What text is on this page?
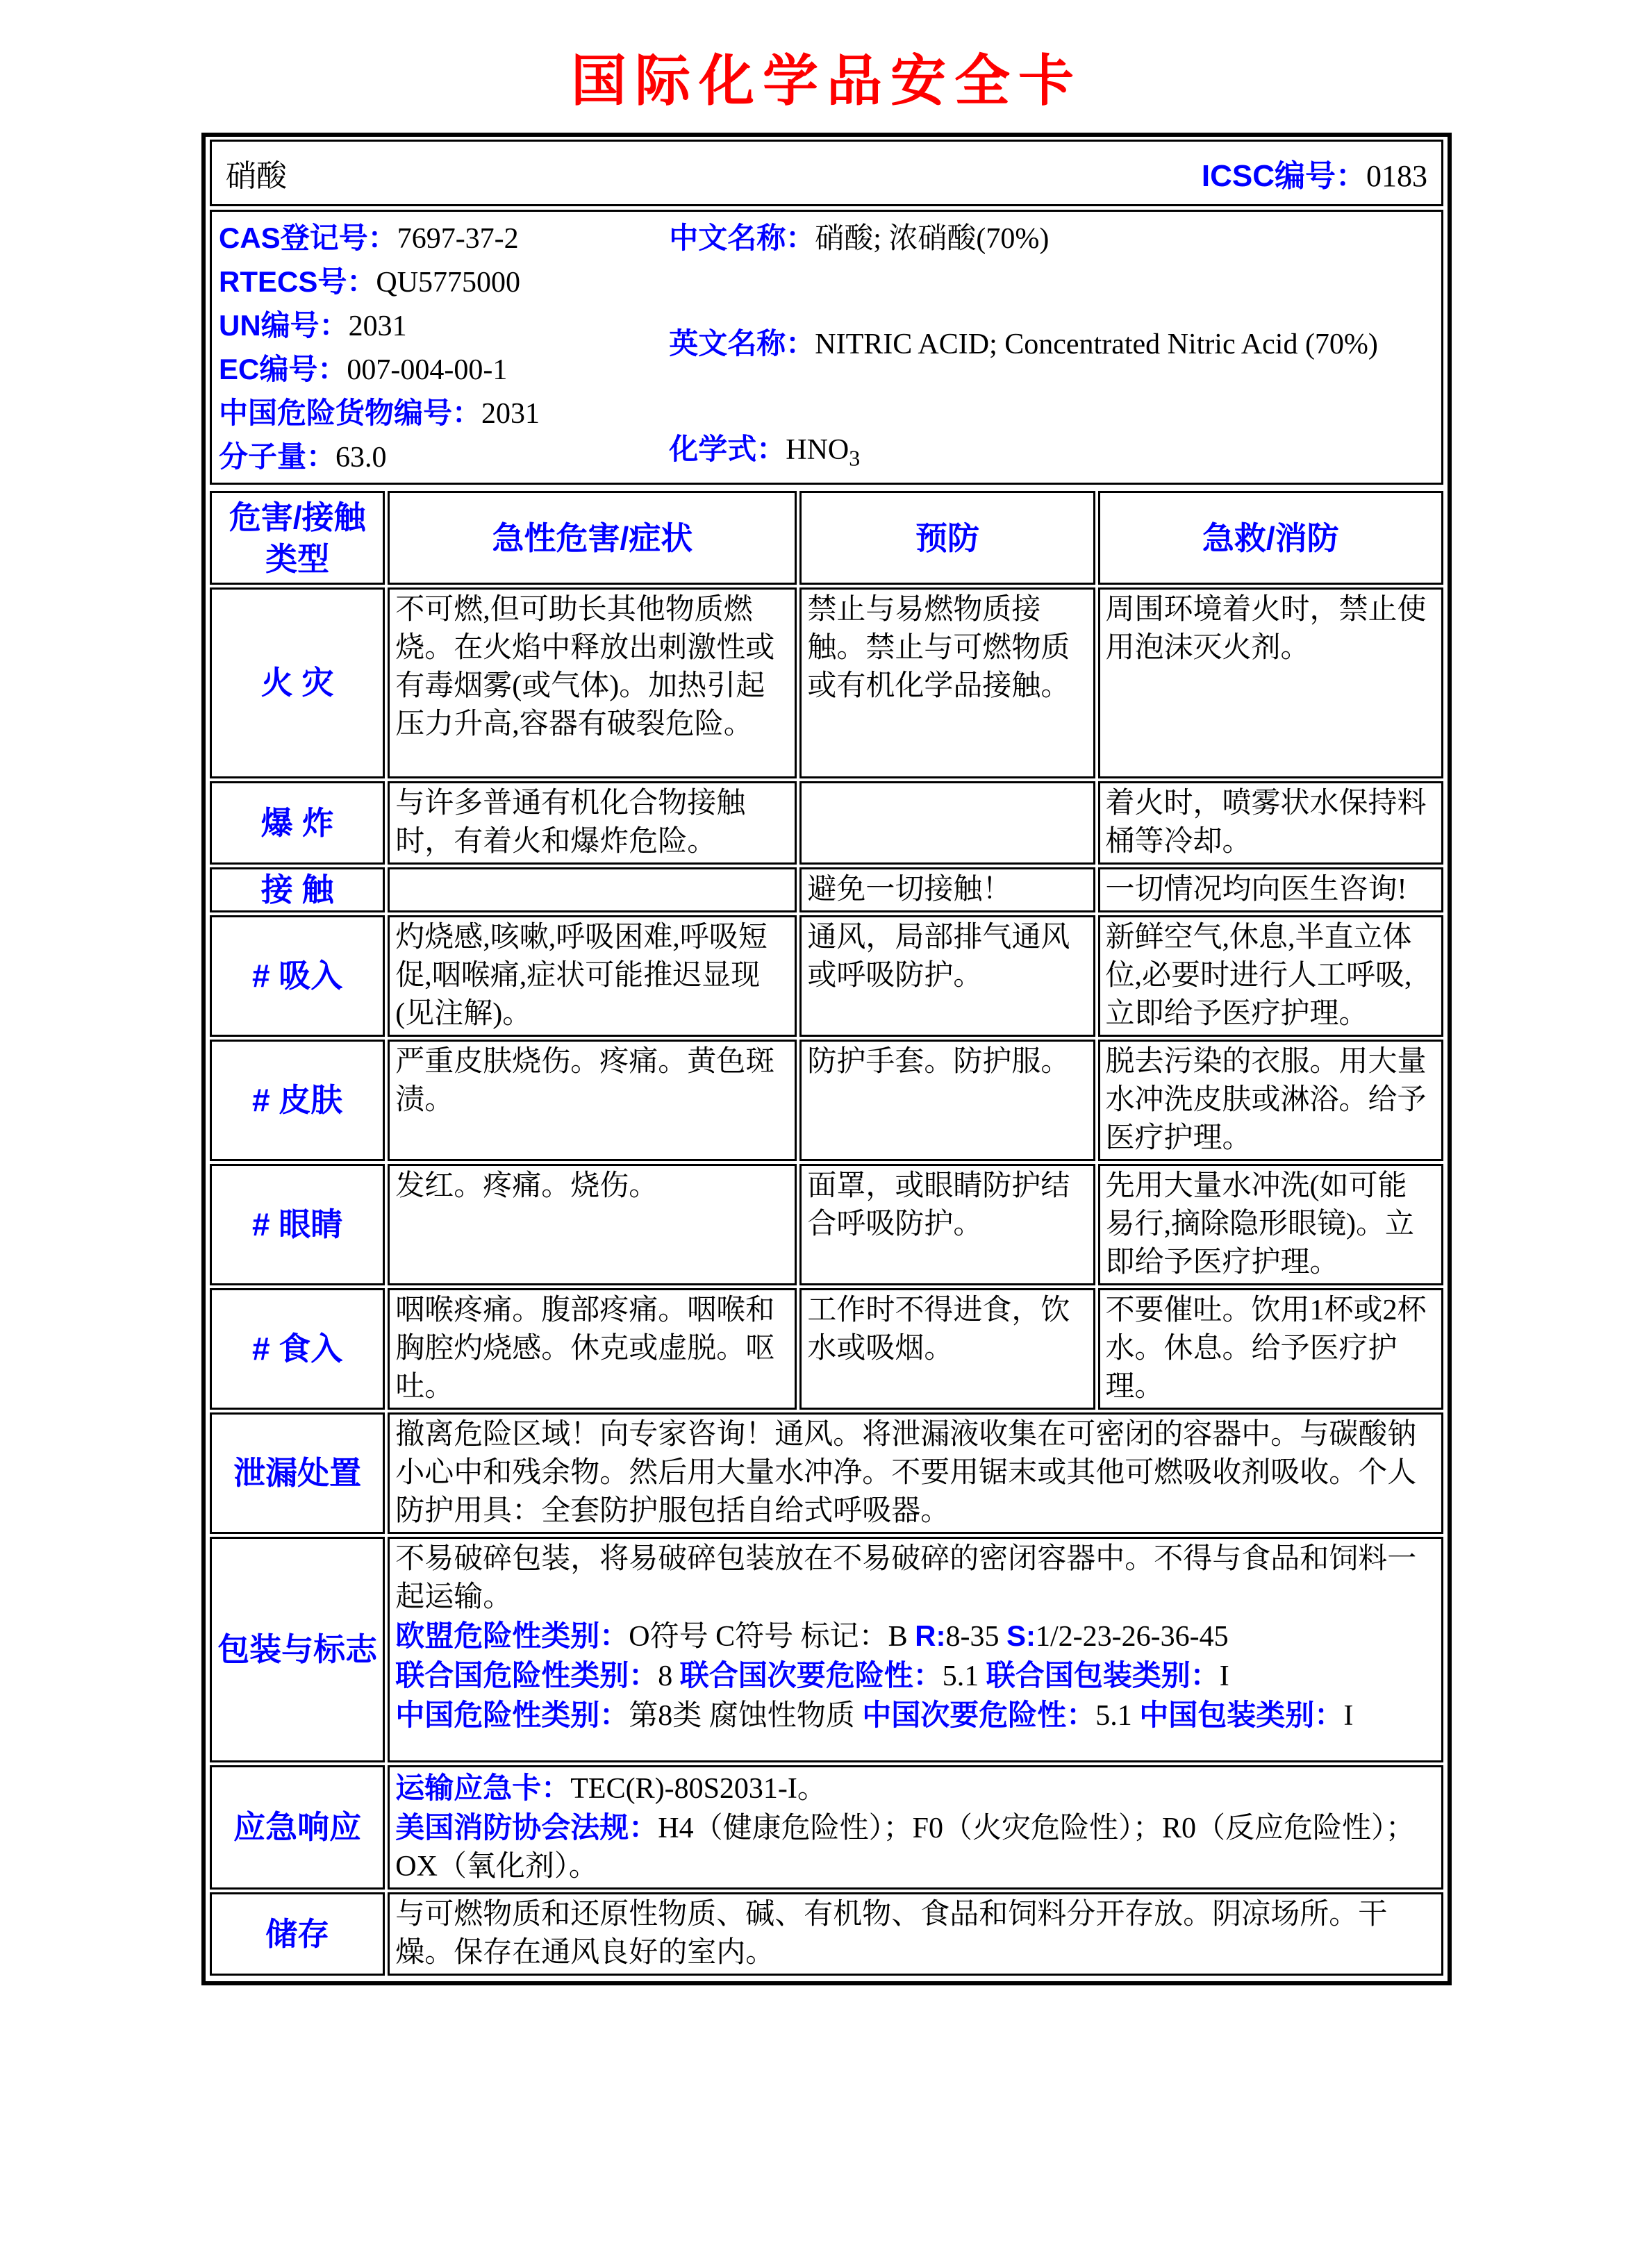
国际化学品安全卡
硝酸	ICSC编号：0183
CAS登记号：7697-37-2
RTECS号：QU5775000
UN编号：2031
EC编号：007-004-00-1
中国危险货物编号：2031
分子量：63.0
中文名称：硝酸; 浓硝酸(70%)
英文名称：NITRIC ACID; Concentrated Nitric Acid (70%)
化学式：$HNO_3$
危害/接触
类型	急性危害/症状	预防	急救/消防
火 灾	不可燃,但可助长其他物质燃烧。在火焰中释放出刺激性或有毒烟雾(或气体)。加热引起压力升高,容器有破裂危险。	禁止与易燃物质接触。禁止与可燃物质或有机化学品接触。	周围环境着火时，禁止使用泡沫灭火剂。
爆 炸	与许多普通有机化合物接触时，有着火和爆炸危险。		着火时，喷雾状水保持料桶等冷却。
接 触		避免一切接触！	一切情况均向医生咨询!
# 吸入	灼烧感,咳嗽,呼吸困难,呼吸短促,咽喉痛,症状可能推迟显现(见注解)。	通风，局部排气通风或呼吸防护。	新鲜空气,休息,半直立体位,必要时进行人工呼吸,立即给予医疗护理。
# 皮肤	严重皮肤烧伤。疼痛。黄色斑渍。	防护手套。防护服。	脱去污染的衣服。用大量水冲洗皮肤或淋浴。给予医疗护理。
# 眼睛	发红。疼痛。烧伤。	面罩，或眼睛防护结合呼吸防护。	先用大量水冲洗(如可能易行,摘除隐形眼镜)。立即给予医疗护理。
# 食入	咽喉疼痛。腹部疼痛。咽喉和胸腔灼烧感。休克或虚脱。呕吐。	工作时不得进食，饮水或吸烟。	不要催吐。饮用1杯或2杯水。休息。给予医疗护理。
泄漏处置	撤离危险区域！向专家咨询！通风。将泄漏液收集在可密闭的容器中。与碳酸钠小心中和残余物。然后用大量水冲净。不要用锯末或其他可燃吸收剂吸收。个人防护用具：全套防护服包括自给式呼吸器。		
包装与标志	不易破碎包装，将易破碎包装放在不易破碎的密闭容器中。不得与食品和饲料一起运输。

欧盟危险性类别：O符号 C符号 标记：B R:8-35 S:1/2-23-26-36-45

联合国危险性类别：8 联合国次要危险性：5.1 联合国包装类别：I

中国危险性类别：第8类 腐蚀性物质 中国次要危险性：5.1 中国包装类别：I		

应急响应	运输应急卡：TEC(R)-80S2031-I。

美国消防协会法规：H4（健康危险性）；F0（火灾危险性）；R0（反应危险性）；OX（氧化剂）。		

储存	与可燃物质和还原性物质、碱、有机物、食品和饲料分开存放。阴凉场所。干燥。保存在通风良好的室内。		
